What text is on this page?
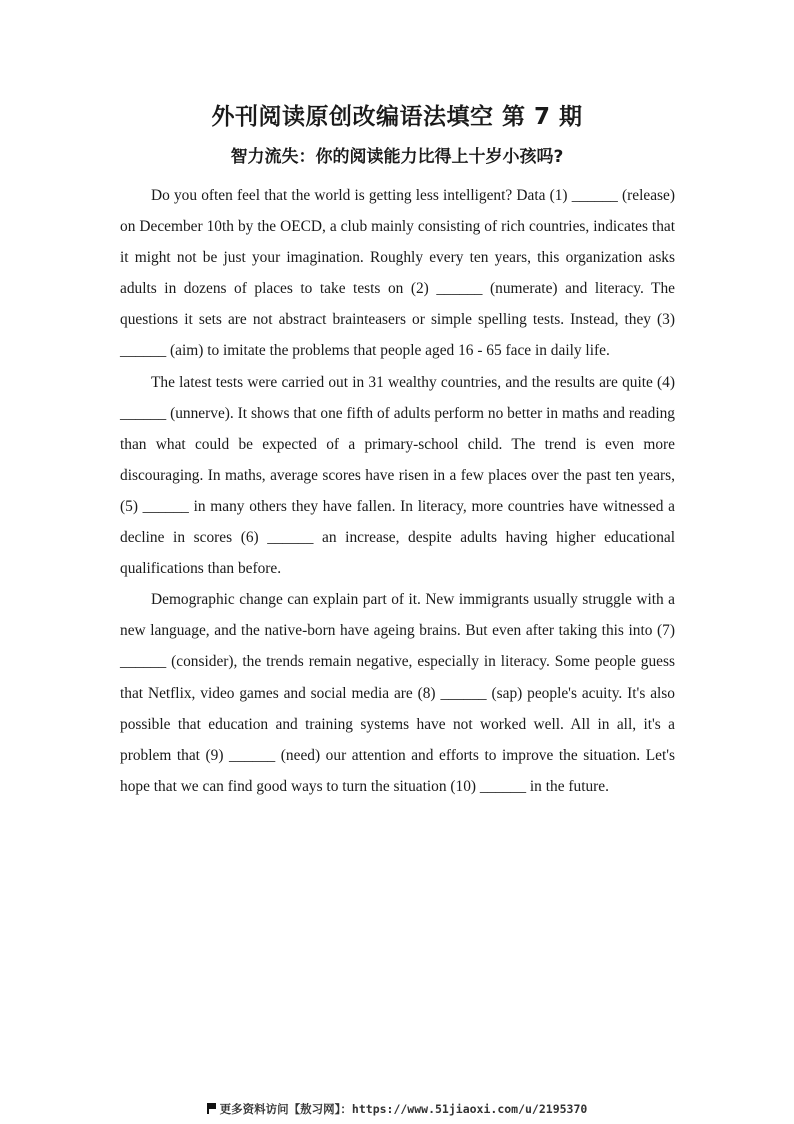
外刊阅读原创改编语法填空 第 7 期
智力流失：你的阅读能力比得上十岁小孩吗?

Do you often feel that the world is getting less intelligent? Data (1) ______ (release) on December 10th by the OECD, a club mainly consisting of rich countries, indicates that it might not be just your imagination. Roughly every ten years, this organization asks adults in dozens of places to take tests on (2) ______ (numerate) and literacy. The questions it sets are not abstract brainteasers or simple spelling tests. Instead, they (3) ______ (aim) to imitate the problems that people aged 16 - 65 face in daily life.

The latest tests were carried out in 31 wealthy countries, and the results are quite (4) ______ (unnerve). It shows that one fifth of adults perform no better in maths and reading than what could be expected of a primary-school child. The trend is even more discouraging. In maths, average scores have risen in a few places over the past ten years, (5) ______ in many others they have fallen. In literacy, more countries have witnessed a decline in scores (6) ______ an increase, despite adults having higher educational qualifications than before.

Demographic change can explain part of it. New immigrants usually struggle with a new language, and the native-born have ageing brains. But even after taking this into (7) ______ (consider), the trends remain negative, especially in literacy. Some people guess that Netflix, video games and social media are (8) ______ (sap) people's acuity. It's also possible that education and training systems have not worked well. All in all, it's a problem that (9) ______ (need) our attention and efforts to improve the situation. Let's hope that we can find good ways to turn the situation (10) ______ in the future.

更多资料访问【敖习网】：https://www.51jiaoxi.com/u/2195370
